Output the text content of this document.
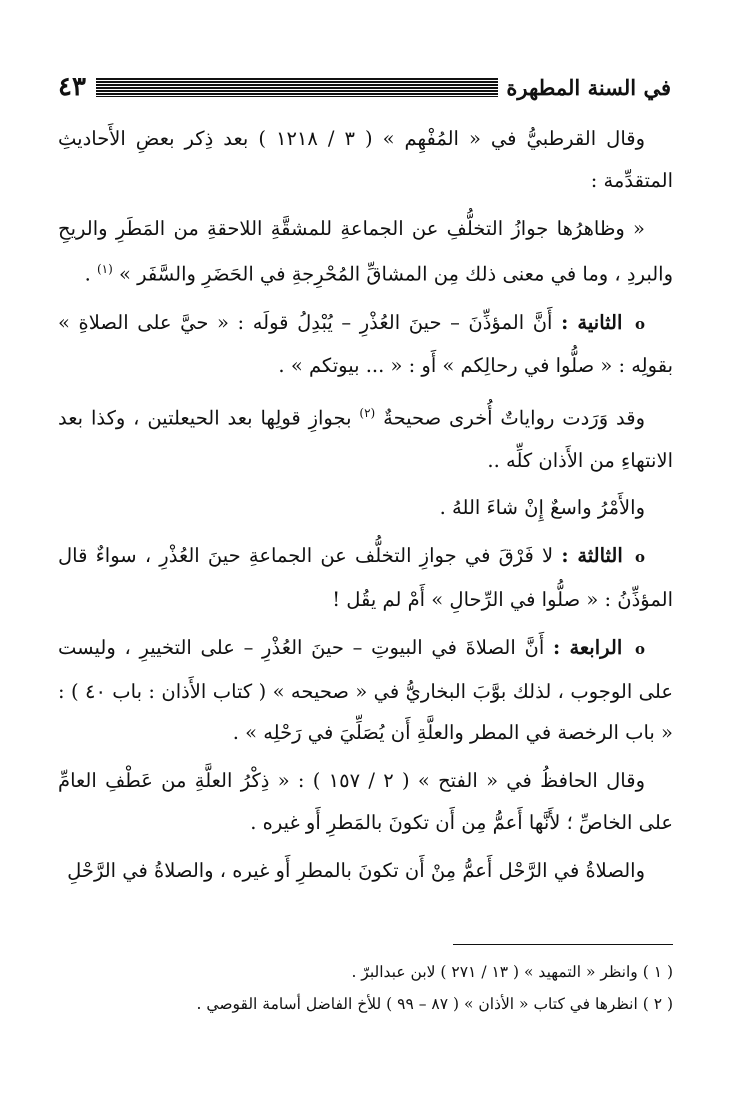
في السنة المطهرة
٤٣

وقال القرطبيُّ في « المُفْهِم » ( ٣ / ١٢١٨ ) بعد ذِكر بعضِ الأَحاديثِ المتقدِّمة :

« وظاهرُها جوازُ التخلُّفِ عن الجماعةِ للمشقَّةِ اللاحقةِ من المَطَرِ والريحِ والبردِ ، وما في معنى ذلك مِن المشاقِّ المُحْرِجةِ في الحَضَرِ والسَّفَر » $^{(١)}$ .

o الثانية : أَنَّ المؤذِّنَ – حينَ العُذْرِ – يُبْدِلُ قولَه : « حيَّ على الصلاةِ » بقولِه : « صلُّوا في رحالِكم » أَو : « ... بيوتكم » .

وقد وَرَدت رواياتٌ أُخرى صحيحةٌ $^{(٢)}$ بجوازِ قولِها بعد الحيعلتين ، وكذا بعد الانتهاءِ من الأَذان كلِّه ..

والأَمْرُ واسعٌ إِنْ شاءَ اللهُ .

o الثالثة : لا فَرْقَ في جوازِ التخلُّف عن الجماعةِ حينَ العُذْرِ ، سواءٌ قال المؤذِّنُ : « صلُّوا في الرِّحالِ » أَمْ لم يقُل !

o الرابعة : أَنَّ الصلاةَ في البيوتِ – حينَ العُذْرِ – على التخييرِ ، وليست على الوجوب ، لذلك بوَّبَ البخاريُّ في « صحيحه » ( كتاب الأَذان : باب ٤٠ ) : « باب الرخصة في المطر والعلَّةِ أَن يُصَلِّيَ في رَحْلِه » .

وقال الحافظُ في « الفتح » ( ٢ / ١٥٧ ) : « ذِكْرُ العلَّةِ من عَطْفِ العامِّ على الخاصِّ ؛ لأَنَّها أَعمُّ مِن أَن تكونَ بالمَطرِ أَو غيره .

والصلاةُ في الرَّحْل أَعمُّ مِنْ أَن تكونَ بالمطرِ أَو غيره ، والصلاةُ في الرَّحْلِ

( ١ ) وانظر « التمهيد » ( ١٣ / ٢٧١ ) لابن عبدالبرّ .

( ٢ ) انظرها في كتاب « الأذان » ( ٨٧ – ٩٩ ) للأخ الفاضل أسامة القوصي .
